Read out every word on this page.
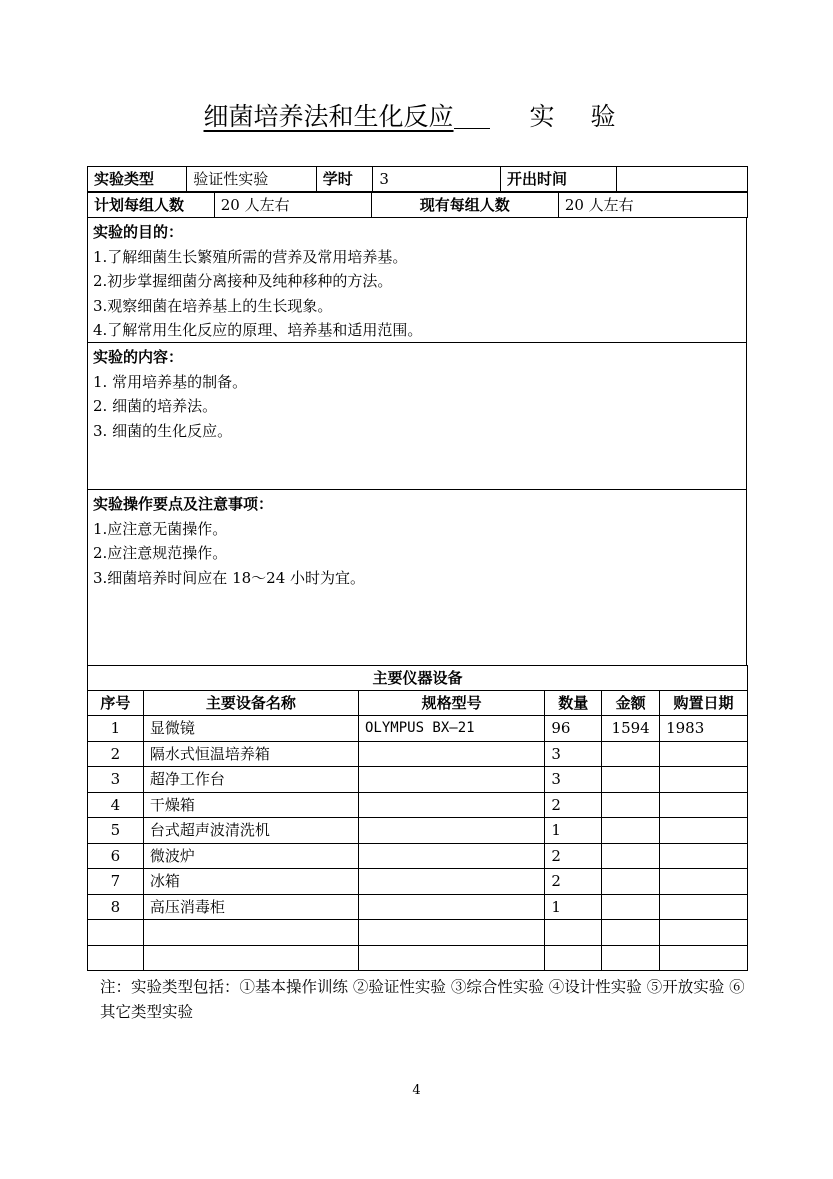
细菌培养法和生化反应	实 验
实验类型	验证性实验	学时	3	开出时间	
计划每组人数	20 人左右	现有每组人数	20 人左右
实验的目的：
1.了解细菌生长繁殖所需的营养及常用培养基。
2.初步掌握细菌分离接种及纯种移种的方法。
3.观察细菌在培养基上的生长现象。
4.了解常用生化反应的原理、培养基和适用范围。
实验的内容：
1. 常用培养基的制备。
2. 细菌的培养法。
3. 细菌的生化反应。
实验操作要点及注意事项：
1.应注意无菌操作。
2.应注意规范操作。
3.细菌培养时间应在 18～24 小时为宜。
主要仪器设备					
序号	主要设备名称	规格型号	数量	金额	购置日期
1	显微镜	OLYMPUS BX—21	96	1594	1983
2	隔水式恒温培养箱		3		
3	超净工作台		3		
4	干燥箱		2		
5	台式超声波清洗机		1		
6	微波炉		2		
7	冰箱		2		
8	高压消毒柜		1		

注：实验类型包括：①基本操作训练 ②验证性实验 ③综合性实验 ④设计性实验 ⑤开放实验 ⑥其它类型实验
4
